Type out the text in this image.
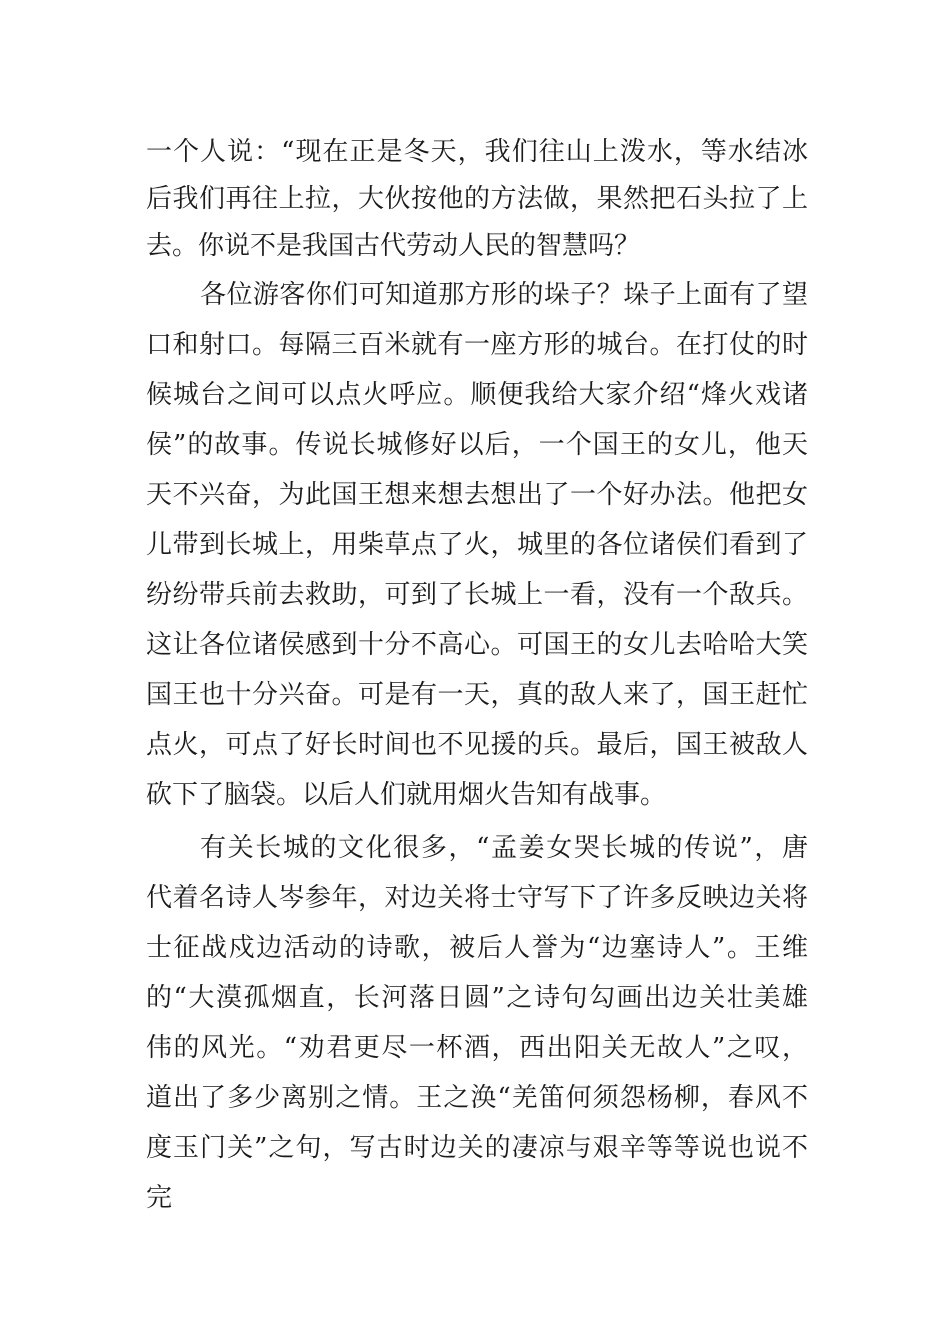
一个人说：“现在正是冬天，我们往山上泼水，等水结冰
后我们再往上拉，大伙按他的方法做，果然把石头拉了上
去。你说不是我国古代劳动人民的智慧吗？
各位游客你们可知道那方形的垛子？垛子上面有了望
口和射口。每隔三百米就有一座方形的城台。在打仗的时
候城台之间可以点火呼应。顺便我给大家介绍“烽火戏诸
侯”的故事。传说长城修好以后，一个国王的女儿，他天
天不兴奋，为此国王想来想去想出了一个好办法。他把女
儿带到长城上，用柴草点了火，城里的各位诸侯们看到了
纷纷带兵前去救助，可到了长城上一看，没有一个敌兵。
这让各位诸侯感到十分不高心。可国王的女儿去哈哈大笑
国王也十分兴奋。可是有一天，真的敌人来了，国王赶忙
点火，可点了好长时间也不见援的兵。最后，国王被敌人
砍下了脑袋。以后人们就用烟火告知有战事。
有关长城的文化很多，“孟姜女哭长城的传说”，唐
代着名诗人岑参年，对边关将士守写下了许多反映边关将
士征战戍边活动的诗歌，被后人誉为“边塞诗人”。王维
的“大漠孤烟直，长河落日圆”之诗句勾画出边关壮美雄
伟的风光。“劝君更尽一杯酒，西出阳关无故人”之叹，
道出了多少离别之情。王之涣“羌笛何须怨杨柳，春风不
度玉门关”之句，写古时边关的凄凉与艰辛等等说也说不
完
